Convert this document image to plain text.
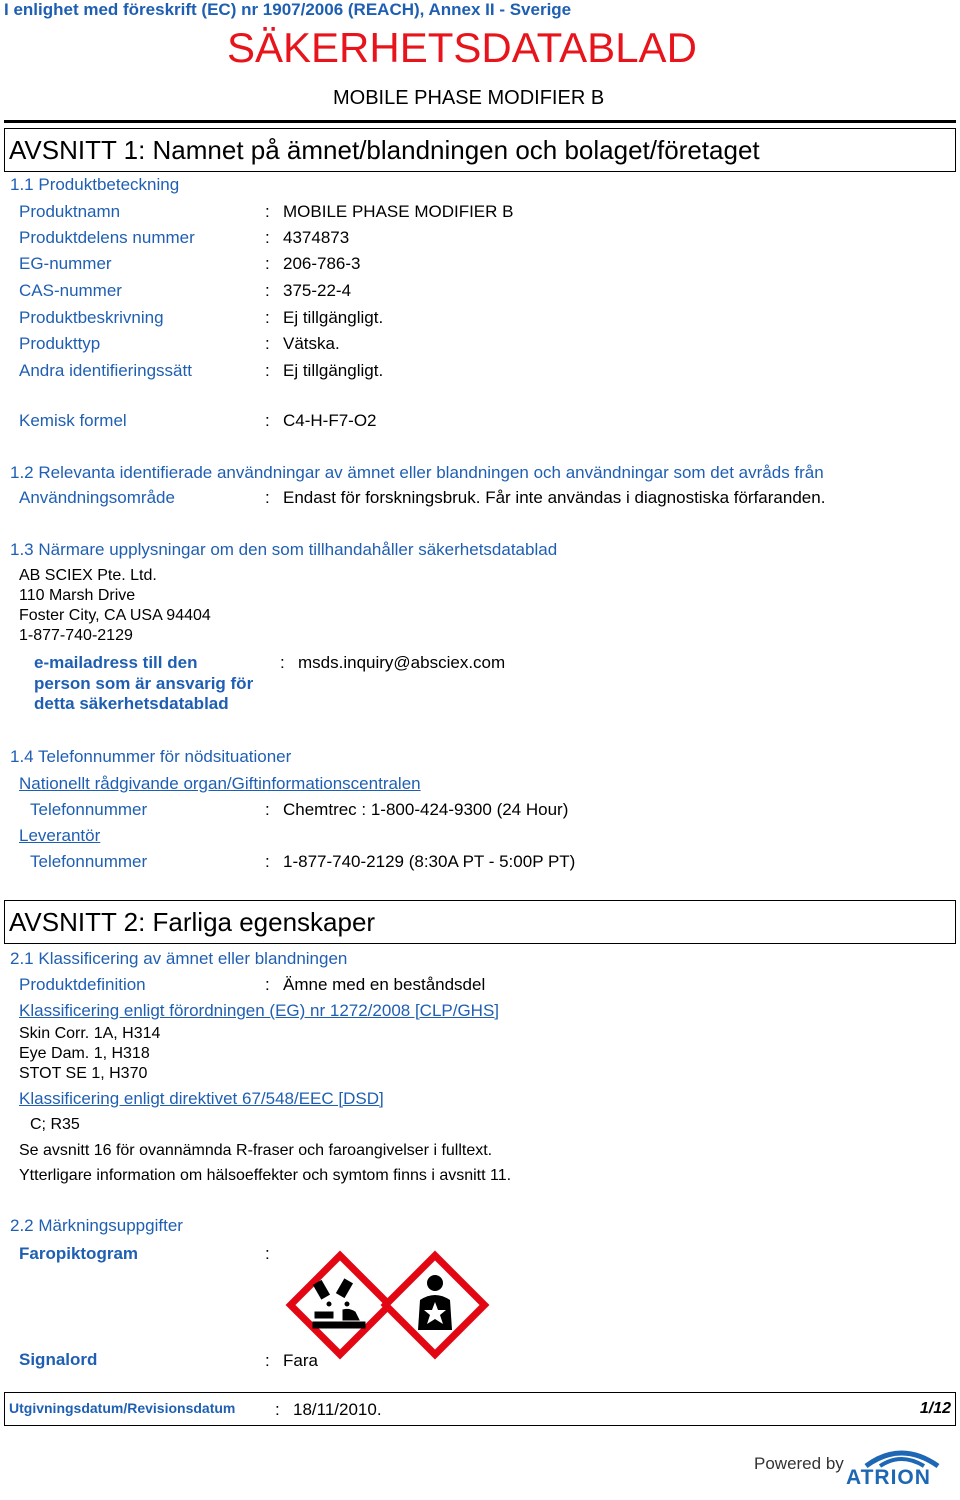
I enlighet med föreskrift (EC) nr 1907/2006 (REACH), Annex II - Sverige
SÄKERHETSDATABLAD
MOBILE PHASE MODIFIER B
AVSNITT 1: Namnet på ämnet/blandningen och bolaget/företaget
1.1 Produktbeteckning
Produktnamn	: MOBILE PHASE MODIFIER B
Produktdelens nummer	: 4374873
EG-nummer	: 206-786-3
CAS-nummer	: 375-22-4
Produktbeskrivning	: Ej tillgängligt.
Produkttyp	: Vätska.
Andra identifieringssätt	: Ej tillgängligt.
Kemisk formel	: C4-H-F7-O2
1.2 Relevanta identifierade användningar av ämnet eller blandningen och användningar som det avråds från
Användningsområde	: Endast för forskningsbruk. Får inte användas i diagnostiska förfaranden.
1.3 Närmare upplysningar om den som tillhandahåller säkerhetsdatablad
AB SCIEX Pte. Ltd.
110 Marsh Drive
Foster City, CA USA 94404
1-877-740-2129
e-mailadress till den
person som är ansvarig för
detta säkerhetsdatablad
: msds.inquiry@absciex.com
1.4 Telefonnummer för nödsituationer
Nationellt rådgivande organ/Giftinformationscentralen
Telefonnummer	: Chemtrec : 1-800-424-9300 (24 Hour)
Leverantör
Telefonnummer	: 1-877-740-2129 (8:30A PT - 5:00P PT)
AVSNITT 2: Farliga egenskaper
2.1 Klassificering av ämnet eller blandningen
Produktdefinition	: Ämne med en beståndsdel
Klassificering enligt förordningen (EG) nr 1272/2008 [CLP/GHS]
Skin Corr. 1A, H314
Eye Dam. 1, H318
STOT SE 1, H370
Klassificering enligt direktivet 67/548/EEC [DSD]
C; R35
Se avsnitt 16 för ovannämnda R-fraser och faroangivelser i fulltext.
Ytterligare information om hälsoeffekter och symtom finns i avsnitt 11.
2.2 Märkningsuppgifter
Faropiktogram	:
Signalord	: Fara
Utgivningsdatum/Revisionsdatum : 18/11/2010.	1/12
Powered by
ATRION
